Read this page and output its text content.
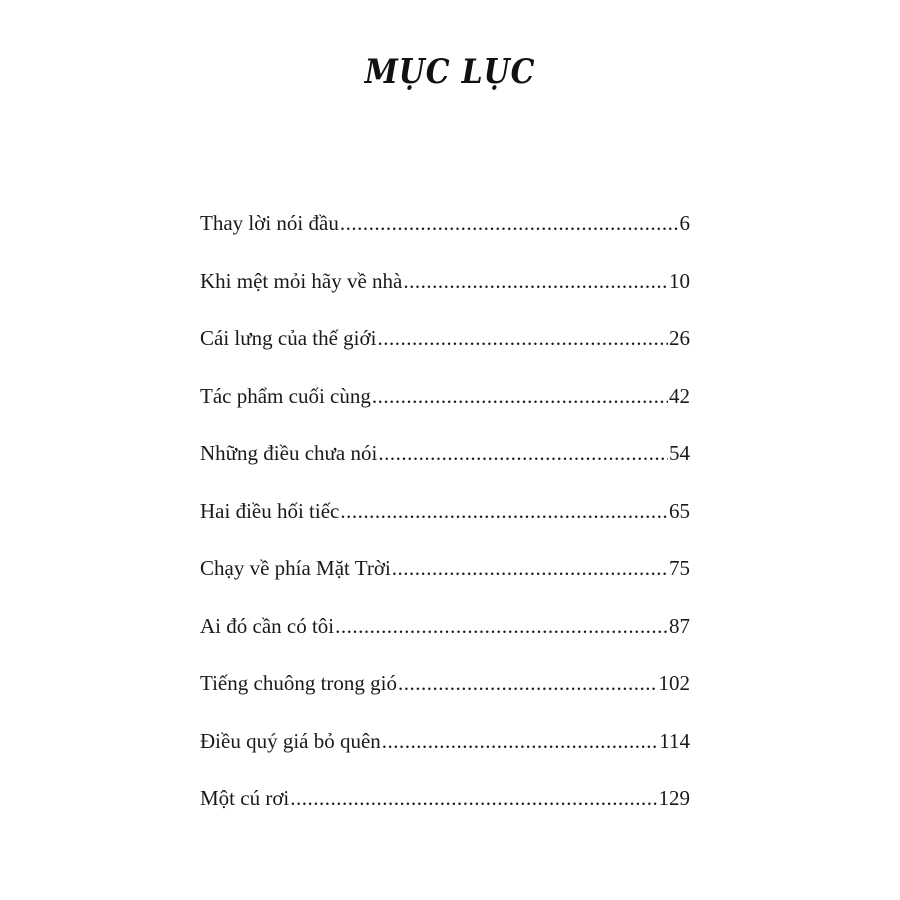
MỤC LỤC
Thay lời nói đầu .....	6
Khi mệt mỏi hãy về nhà .....	10
Cái lưng của thế giới .....	26
Tác phẩm cuối cùng .....	42
Những điều chưa nói .....	54
Hai điều hối tiếc .....	65
Chạy về phía Mặt Trời .....	75
Ai đó cần có tôi .....	87
Tiếng chuông trong gió .....	102
Điều quý giá bỏ quên .....	114
Một cú rơi .....	129
